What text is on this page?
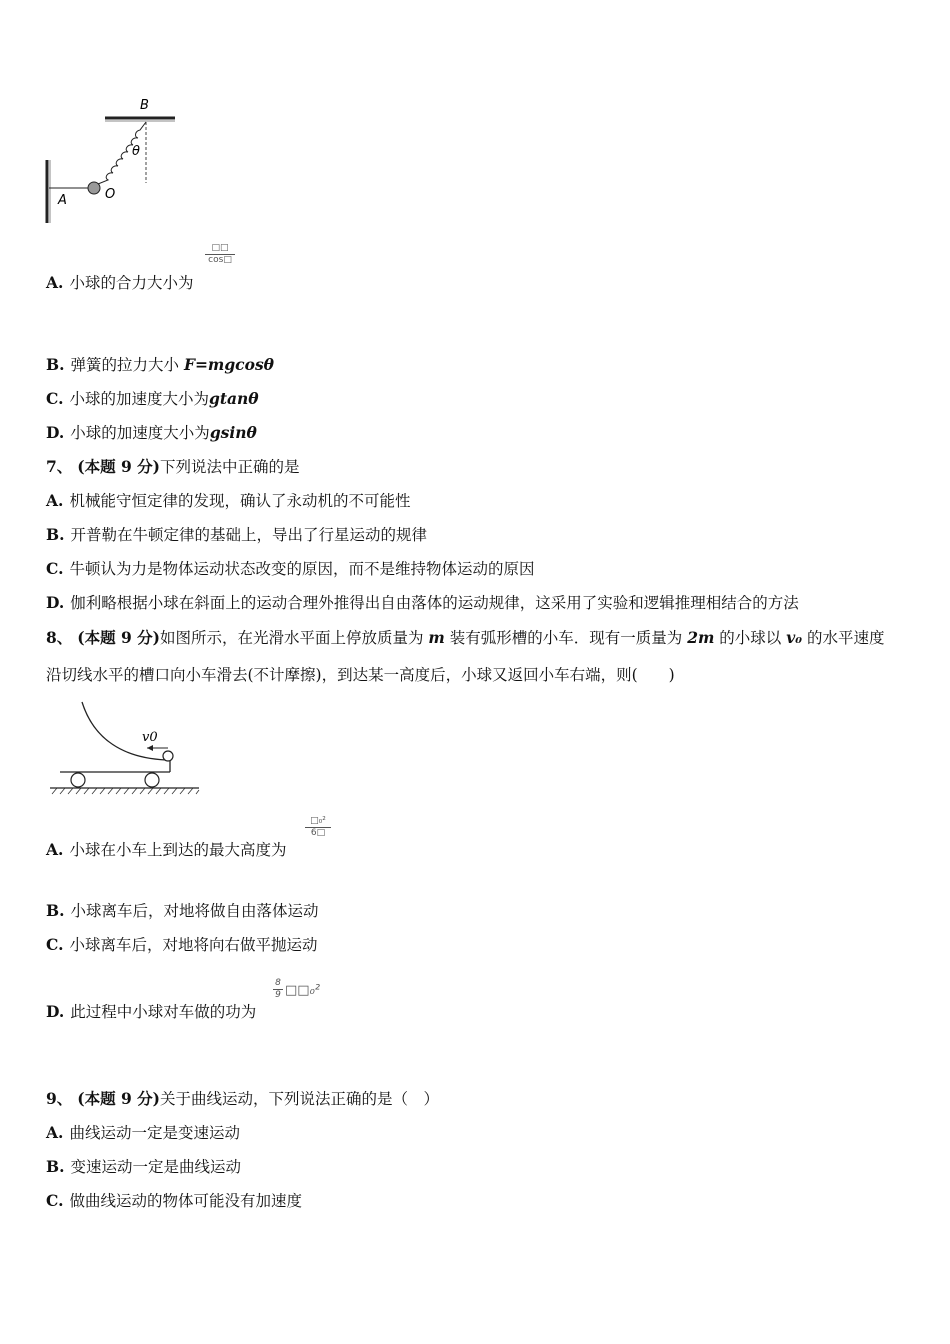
B
θ
O
A
□□
cos□
A. 小球的合力大小为
B. 弹簧的拉力大小 F=mgcosθ
C. 小球的加速度大小为gtanθ
D. 小球的加速度大小为gsinθ
7、 (本题 9 分)下列说法中正确的是
A. 机械能守恒定律的发现，确认了永动机的不可能性
B. 开普勒在牛顿定律的基础上，导出了行星运动的规律
C. 牛顿认为力是物体运动状态改变的原因，而不是维持物体运动的原因
D. 伽利略根据小球在斜面上的运动合理外推得出自由落体的运动规律，这采用了实验和逻辑推理相结合的方法
8、 (本题 9 分)如图所示，在光滑水平面上停放质量为 m 装有弧形槽的小车．现有一质量为 2m 的小球以 v₀ 的水平速度
沿切线水平的槽口向小车滑去(不计摩擦)，到达某一高度后，小球又返回小车右端，则(　　)
v0
□₀²
6□
A. 小球在小车上到达的最大高度为
B. 小球离车后，对地将做自由落体运动
C. 小球离车后，对地将向右做平抛运动
$\frac{8}{9}$ □□₀²
D. 此过程中小球对车做的功为
9、 (本题 9 分)关于曲线运动，下列说法正确的是（　）
A. 曲线运动一定是变速运动
B. 变速运动一定是曲线运动
C. 做曲线运动的物体可能没有加速度
